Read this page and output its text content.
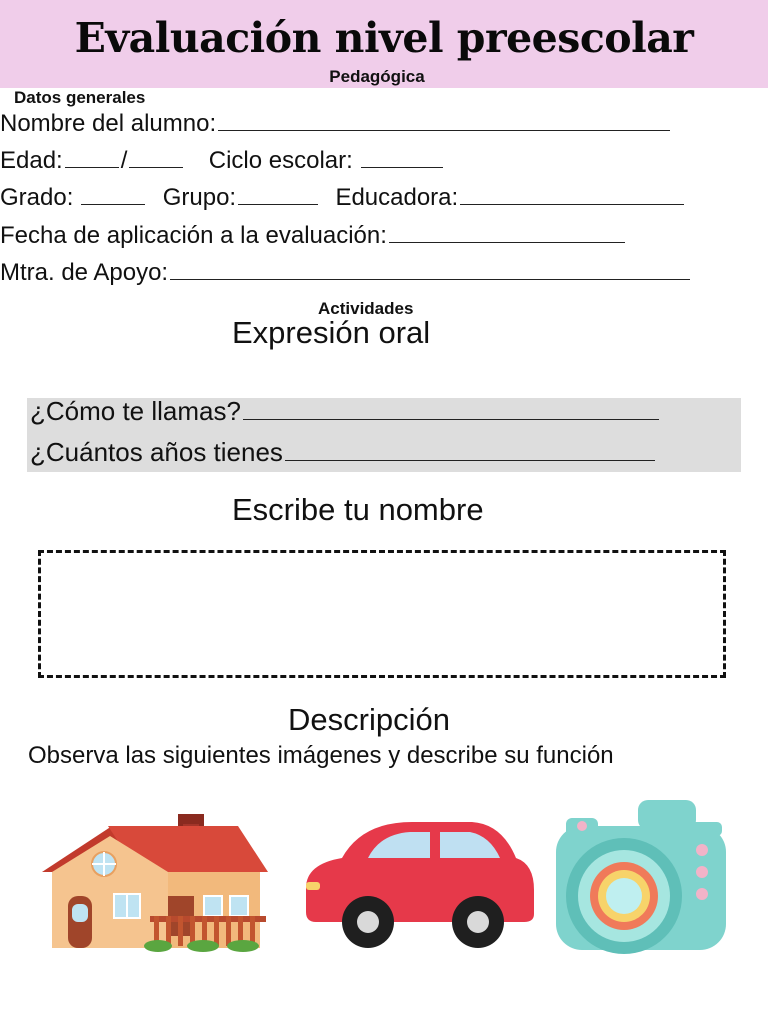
Evaluación nivel preescolar
Pedagógica
Datos generales
Nombre del alumno:
Edad: /	Ciclo escolar:
Grado:	Grupo:	Educadora:
Fecha de aplicación a la evaluación:
Mtra. de Apoyo:
Actividades
Expresión oral
¿Cómo te llamas?
¿Cuántos años tienes
Escribe tu nombre
Descripción
Observa las siguientes imágenes y describe su función
